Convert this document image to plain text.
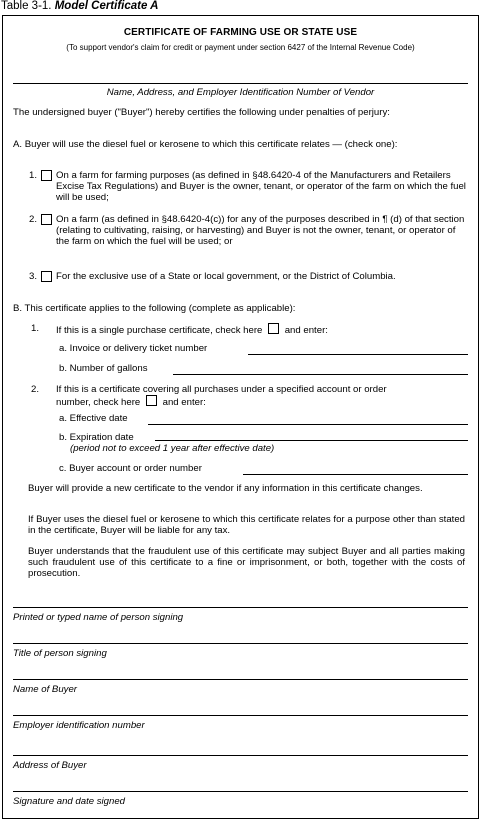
Table 3-1. Model Certificate A
CERTIFICATE OF FARMING USE OR STATE USE
(To support vendor's claim for credit or payment under section 6427 of the Internal Revenue Code)
Name, Address, and Employer Identification Number of Vendor
The undersigned buyer ("Buyer") hereby certifies the following under penalties of perjury:
A. Buyer will use the diesel fuel or kerosene to which this certificate relates — (check one):
1. On a farm for farming purposes (as defined in §48.6420-4 of the Manufacturers and Retailers Excise Tax Regulations) and Buyer is the owner, tenant, or operator of the farm on which the fuel will be used;
2. On a farm (as defined in §48.6420-4(c)) for any of the purposes described in ¶ (d) of that section (relating to cultivating, raising, or harvesting) and Buyer is not the owner, tenant, or operator of the farm on which the fuel will be used; or
3. For the exclusive use of a State or local government, or the District of Columbia.
B. This certificate applies to the following (complete as applicable):
1. If this is a single purchase certificate, check here and enter:
a. Invoice or delivery ticket number
b. Number of gallons
2. If this is a certificate covering all purchases under a specified account or order
number, check here and enter:
a. Effective date
b. Expiration date
(period not to exceed 1 year after effective date)
c. Buyer account or order number
Buyer will provide a new certificate to the vendor if any information in this certificate changes.
If Buyer uses the diesel fuel or kerosene to which this certificate relates for a purpose other than stated in the certificate, Buyer will be liable for any tax.
Buyer understands that the fraudulent use of this certificate may subject Buyer and all parties making such fraudulent use of this certificate to a fine or imprisonment, or both, together with the costs of prosecution.
Printed or typed name of person signing
Title of person signing
Name of Buyer
Employer identification number
Address of Buyer
Signature and date signed
